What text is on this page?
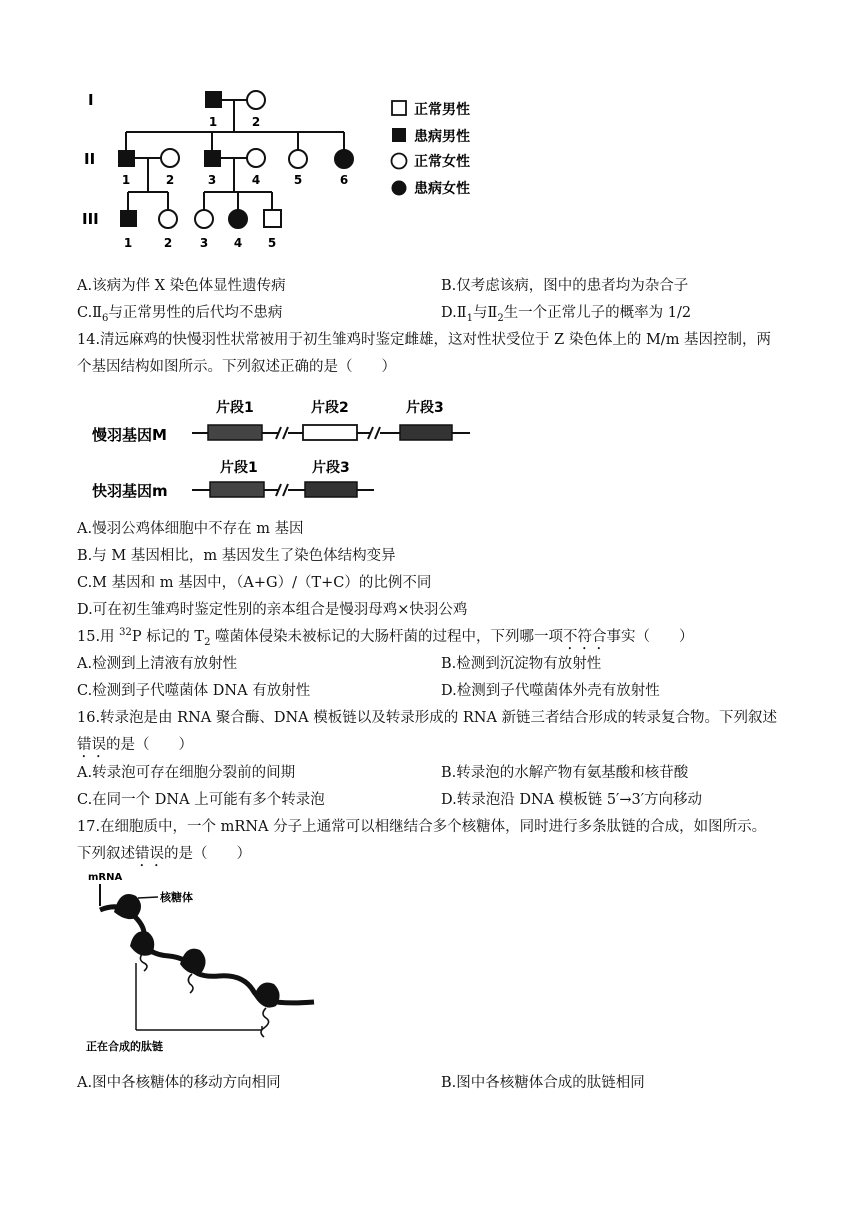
I
II
III
1	2
1	2	3	4	5	6
1	2 3 4 5
正常男性
患病男性
正常女性
患病女性
A.该病为伴 X 染色体显性遗传病	B.仅考虑该病，图中的患者均为杂合子
$C.Ⅱ_6$与正常男性的后代均不患病	$D.Ⅱ_1$与$Ⅱ_2$生一个正常儿子的概率为 1/2
14.清远麻鸡的快慢羽性状常被用于初生雏鸡时鉴定雌雄，这对性状受位于 Z 染色体上的 M/m 基因控制，两
个基因结构如图所示。下列叙述正确的是（　　）
慢羽基因M
片段1	片段2	片段3
快羽基因m
片段1	片段3
A.慢羽公鸡体细胞中不存在 m 基因
B.与 M 基因相比，m 基因发生了染色体结构变异
C.M 基因和 m 基因中，（A+G）/（T+C）的比例不同
D.可在初生雏鸡时鉴定性别的亲本组合是慢羽母鸡×快羽公鸡
15.用 $^{32}$P 标记的 $T_2$ 噬菌体侵染未被标记的大肠杆菌的过程中，下列哪一项不符合事实（　　）
A.检测到上清液有放射性	B.检测到沉淀物有放射性
C.检测到子代噬菌体 DNA 有放射性	D.检测到子代噬菌体外壳有放射性
16.转录泡是由 RNA 聚合酶、DNA 模板链以及转录形成的 RNA 新链三者结合形成的转录复合物。下列叙述
错误的是（　　）
A.转录泡可存在细胞分裂前的间期	B.转录泡的水解产物有氨基酸和核苷酸
C.在同一个 DNA 上可能有多个转录泡	D.转录泡沿 DNA 模板链 5′→3′方向移动
17.在细胞质中，一个 mRNA 分子上通常可以相继结合多个核糖体，同时进行多条肽链的合成，如图所示。
下列叙述错误的是（　　）
mRNA
核糖体
正在合成的肽链
A.图中各核糖体的移动方向相同	B.图中各核糖体合成的肽链相同
